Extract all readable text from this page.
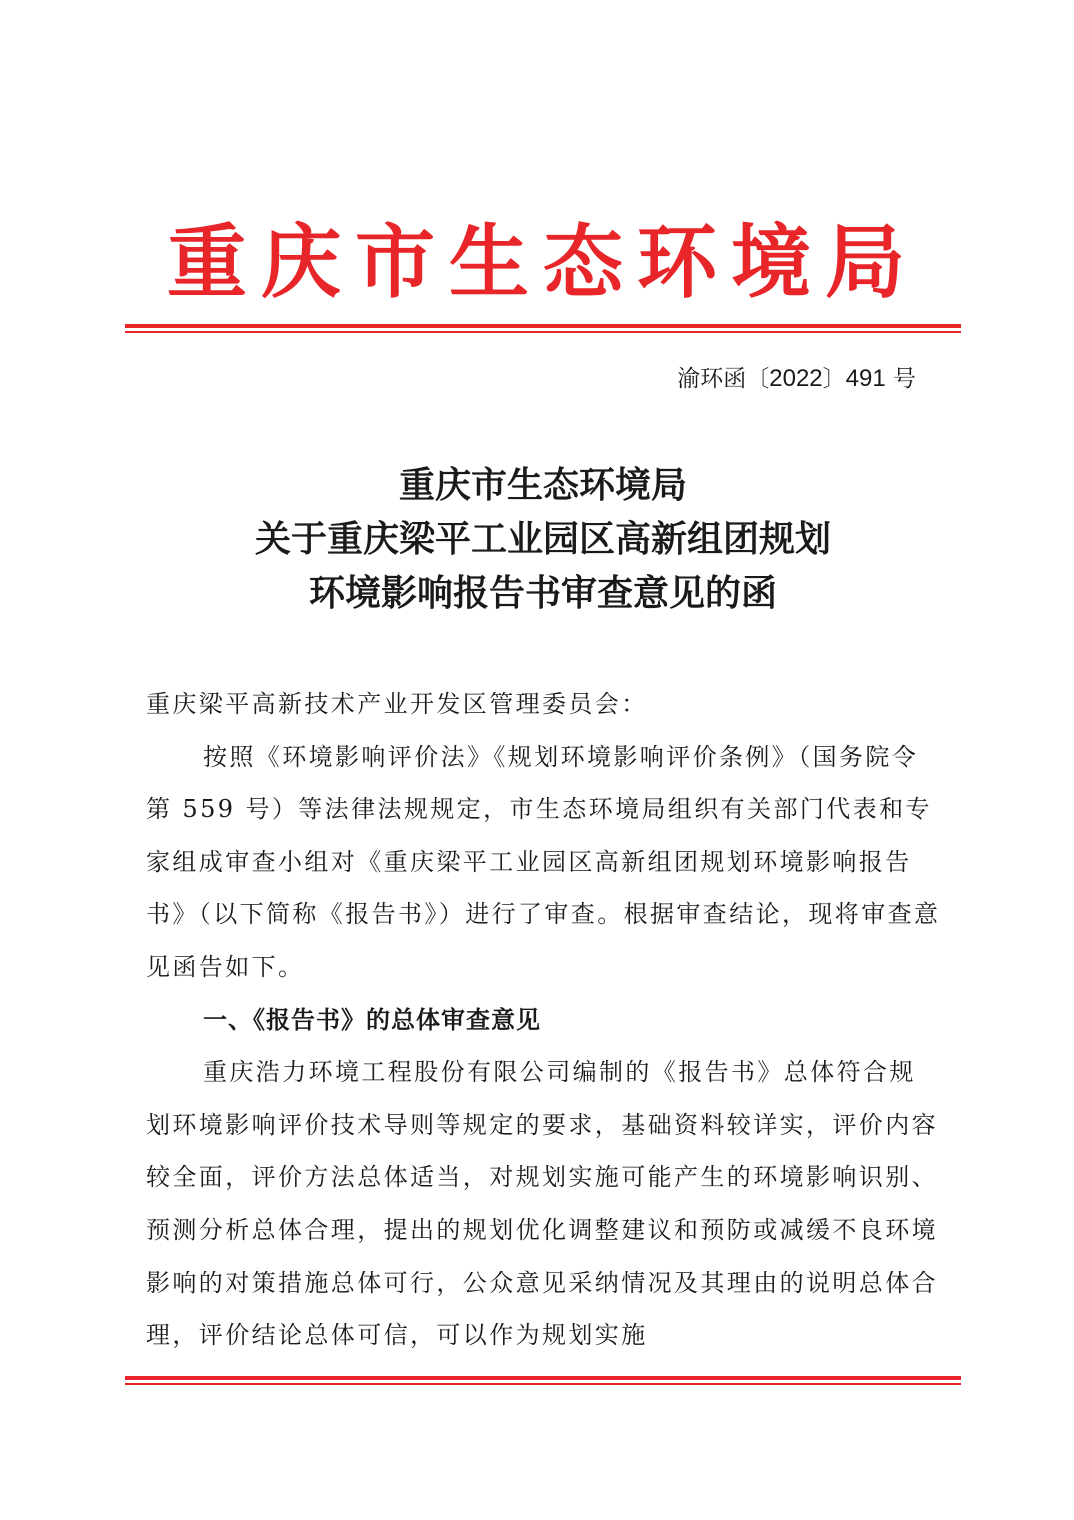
重庆市生态环境局
渝环函〔2022〕491 号
重庆市生态环境局
关于重庆梁平工业园区高新组团规划
环境影响报告书审查意见的函

重庆梁平高新技术产业开发区管理委员会：

按照《环境影响评价法》《规划环境影响评价条例》（国务院令第 559 号）等法律法规规定，市生态环境局组织有关部门代表和专家组成审查小组对《重庆梁平工业园区高新组团规划环境影响报告书》（以下简称《报告书》）进行了审查。根据审查结论，现将审查意见函告如下。

一、《报告书》的总体审查意见

重庆浩力环境工程股份有限公司编制的《报告书》总体符合规划环境影响评价技术导则等规定的要求，基础资料较详实，评价内容较全面，评价方法总体适当，对规划实施可能产生的环境影响识别、预测分析总体合理，提出的规划优化调整建议和预防或减缓不良环境影响的对策措施总体可行，公众意见采纳情况及其理由的说明总体合理，评价结论总体可信，可以作为规划实施
